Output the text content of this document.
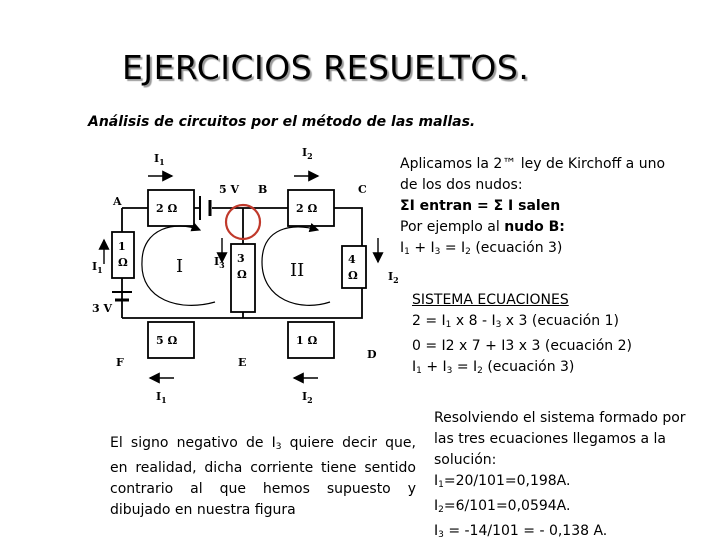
EJERCICIOS RESUELTOS.

Análisis de circuitos por el método de las mallas.

A
B	C
D
E
F
2 Ω	2 Ω
1
Ω	3
Ω
4
Ω
5 Ω	1 Ω
5 V
3 V
$I_1$
$I_2$
$I_1$
$I_3$
$I_2$
$I_1$	$I_2$
I	II

Aplicamos la 2™ ley de Kirchoff a uno

de los dos nudos:

ΣI entran = Σ I salen

Por ejemplo al nudo B:

$I_1 + I_3 = I_2$ (ecuación 3)

SISTEMA ECUACIONES

$2 = I_1$ x $8 - I_3$ x 3 (ecuación 1)

0 = I2 x 7 + I3 x 3 (ecuación 2)

$I_1 + I_3 = I_2$ (ecuación 3)

Resolviendo el sistema formado por

las tres ecuaciones llegamos a la

solución:

$I_1=20/101=0,198A$.

$I_2=6/101=0,0594A$.

$I_3 = -14/101$ = - 0,138 A.

El signo negativo de $I_3$ quiere decir que,

en realidad, dicha corriente tiene sentido

contrario al que hemos supuesto y

dibujado en nuestra figura
